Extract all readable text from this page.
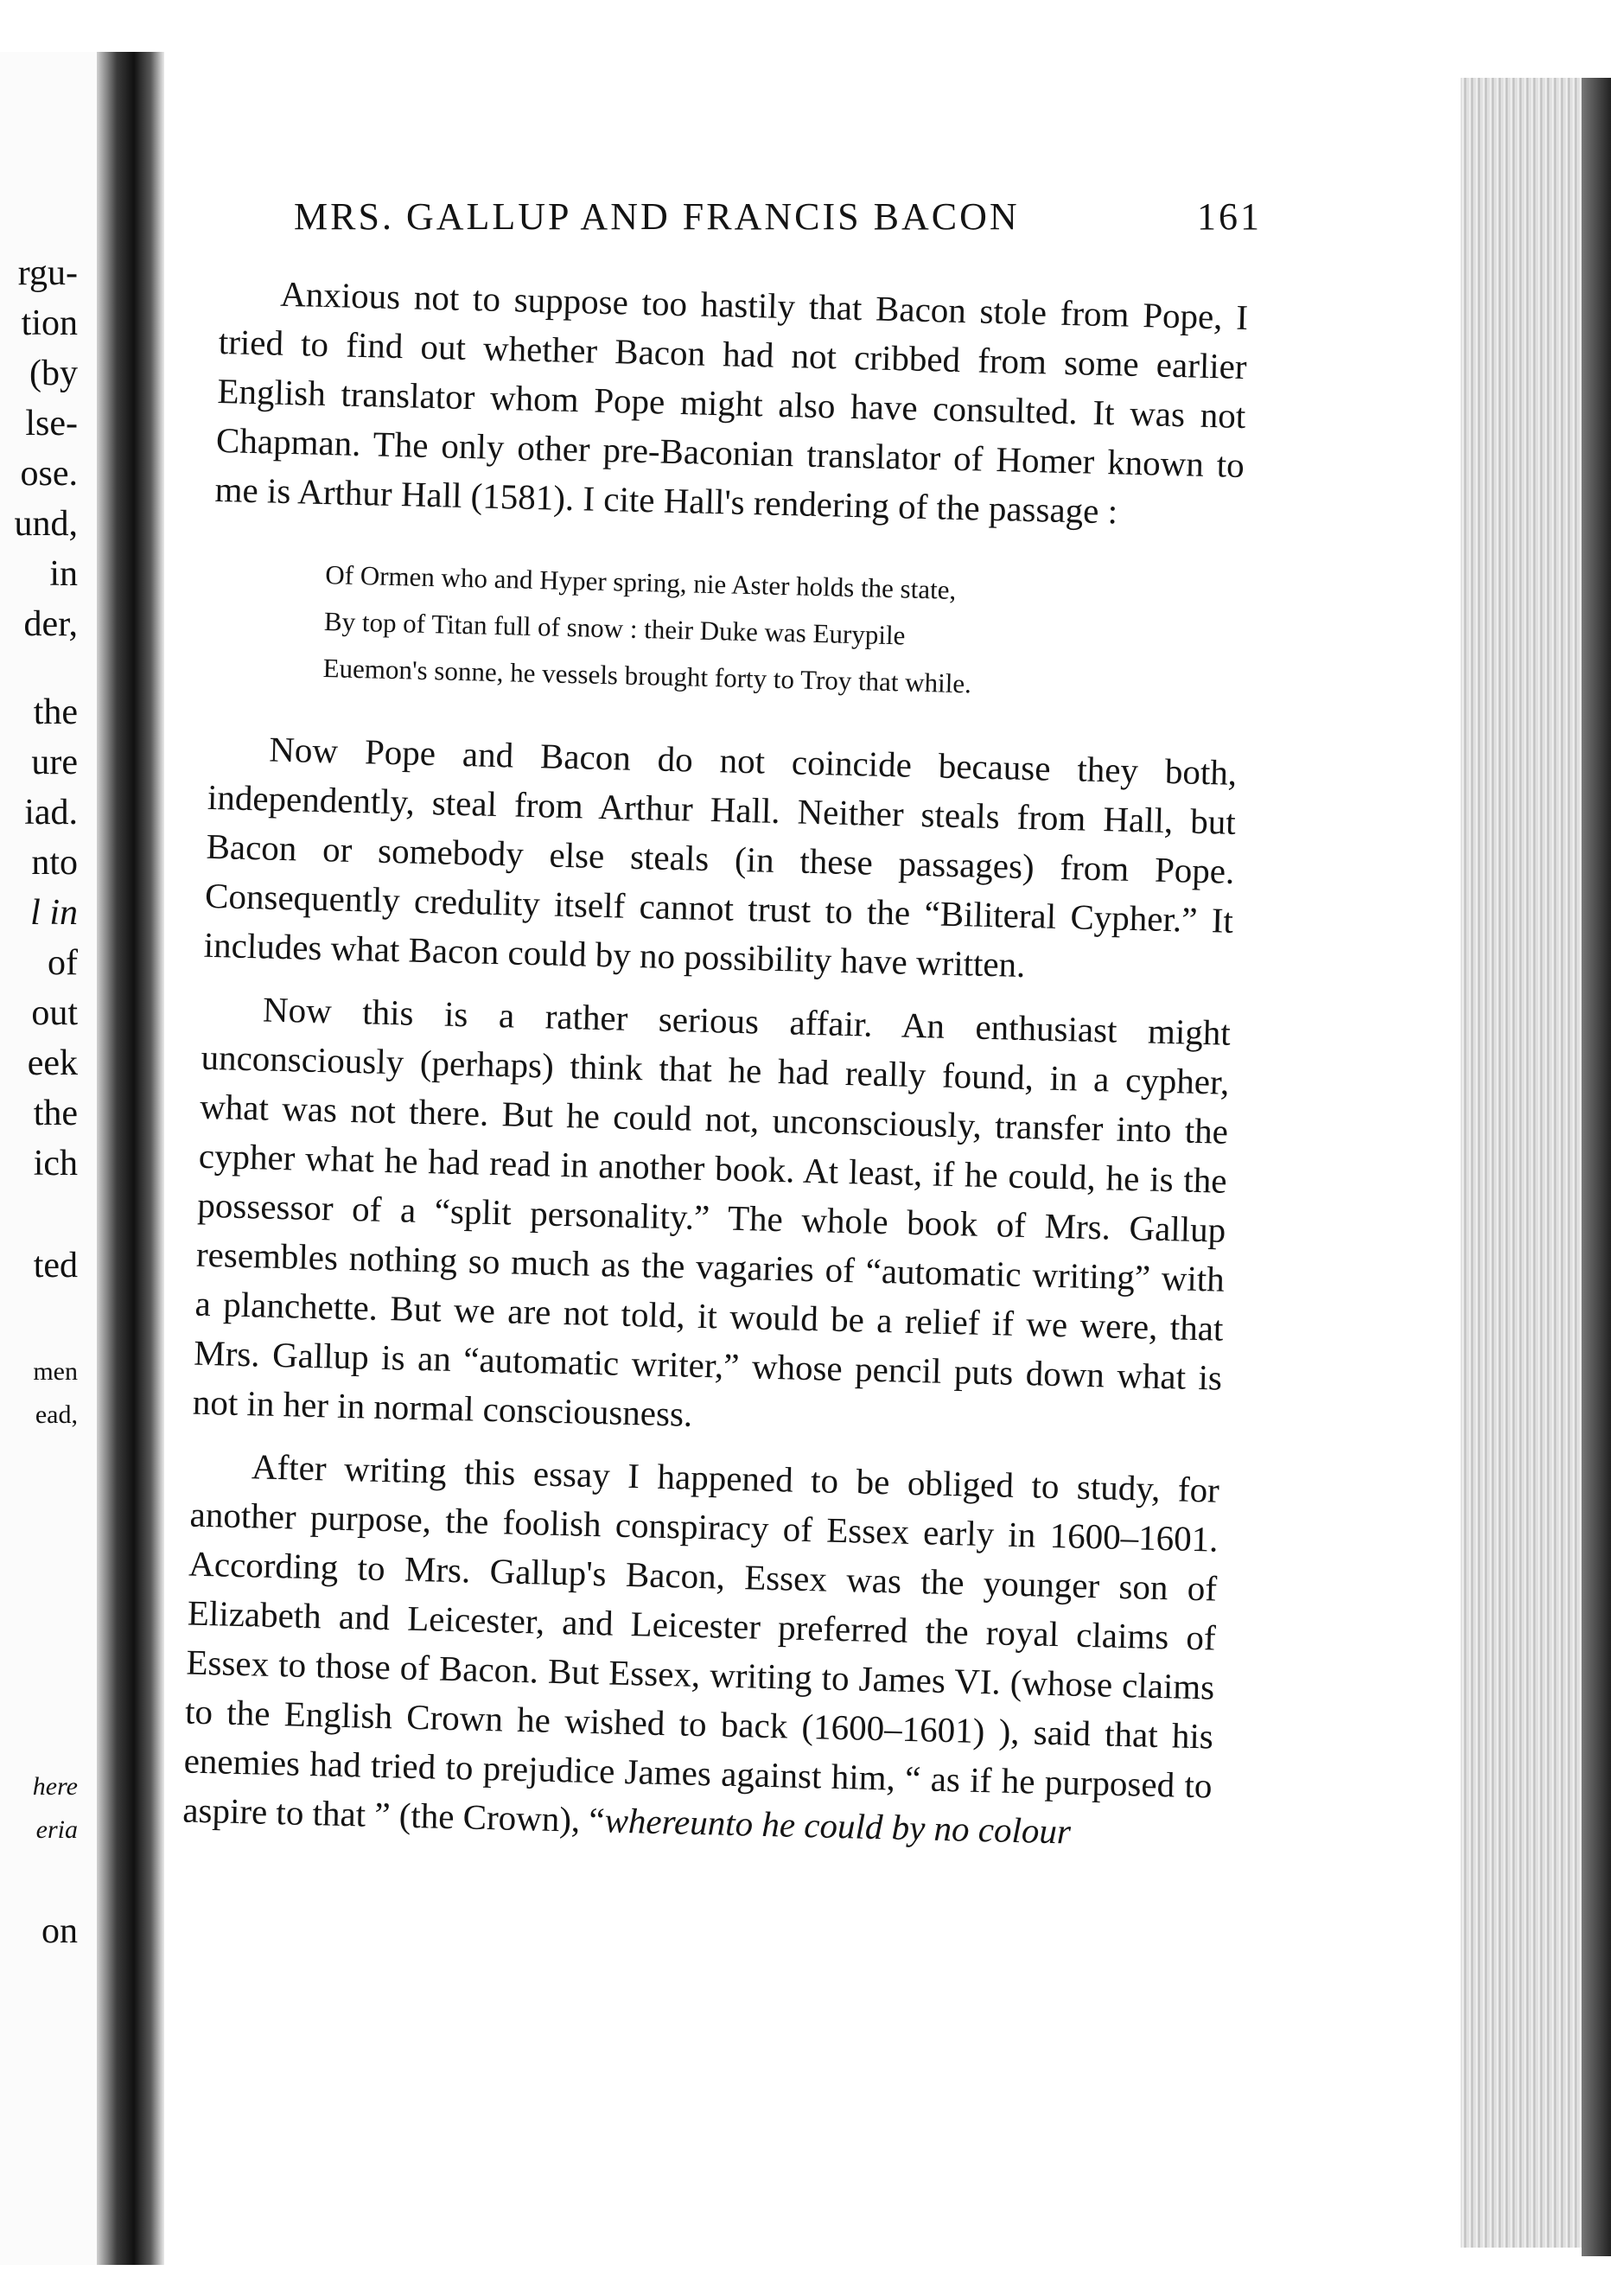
rgu-
tion
(by
lse-
ose.
und,
in
der,
the
ure
iad.
nto
l in
of
out
eek
the
ich
ted
men
ead,
here
eria
on
MRS. GALLUP AND FRANCIS BACON	161

Anxious not to suppose too hastily that Bacon stole from Pope, I tried to find out whether Bacon had not cribbed from some earlier English translator whom Pope might also have consulted. It was not Chapman. The only other pre-Baconian translator of Homer known to me is Arthur Hall (1581). I cite Hall's rendering of the passage :

Of Ormen who and Hyper spring, nie Aster holds the state,
By top of Titan full of snow : their Duke was Eurypile
Euemon's sonne, he vessels brought forty to Troy that while.

Now Pope and Bacon do not coincide because they both, independently, steal from Arthur Hall. Neither steals from Hall, but Bacon or somebody else steals (in these passages) from Pope. Consequently credulity itself cannot trust to the “Biliteral Cypher.” It includes what Bacon could by no possibility have written.

Now this is a rather serious affair. An enthusiast might unconsciously (perhaps) think that he had really found, in a cypher, what was not there. But he could not, unconsciously, transfer into the cypher what he had read in another book. At least, if he could, he is the possessor of a “split personality.” The whole book of Mrs. Gallup resembles nothing so much as the vagaries of “automatic writing” with a planchette. But we are not told, it would be a relief if we were, that Mrs. Gallup is an “automatic writer,” whose pencil puts down what is not in her in normal consciousness.

After writing this essay I happened to be obliged to study, for another purpose, the foolish conspiracy of Essex early in 1600–1601. According to Mrs. Gallup's Bacon, Essex was the younger son of Elizabeth and Leicester, and Leicester preferred the royal claims of Essex to those of Bacon. But Essex, writing to James VI. (whose claims to the English Crown he wished to back (1600–1601) ), said that his enemies had tried to prejudice James against him, “ as if he purposed to aspire to that ” (the Crown), “whereunto he could by no colour
